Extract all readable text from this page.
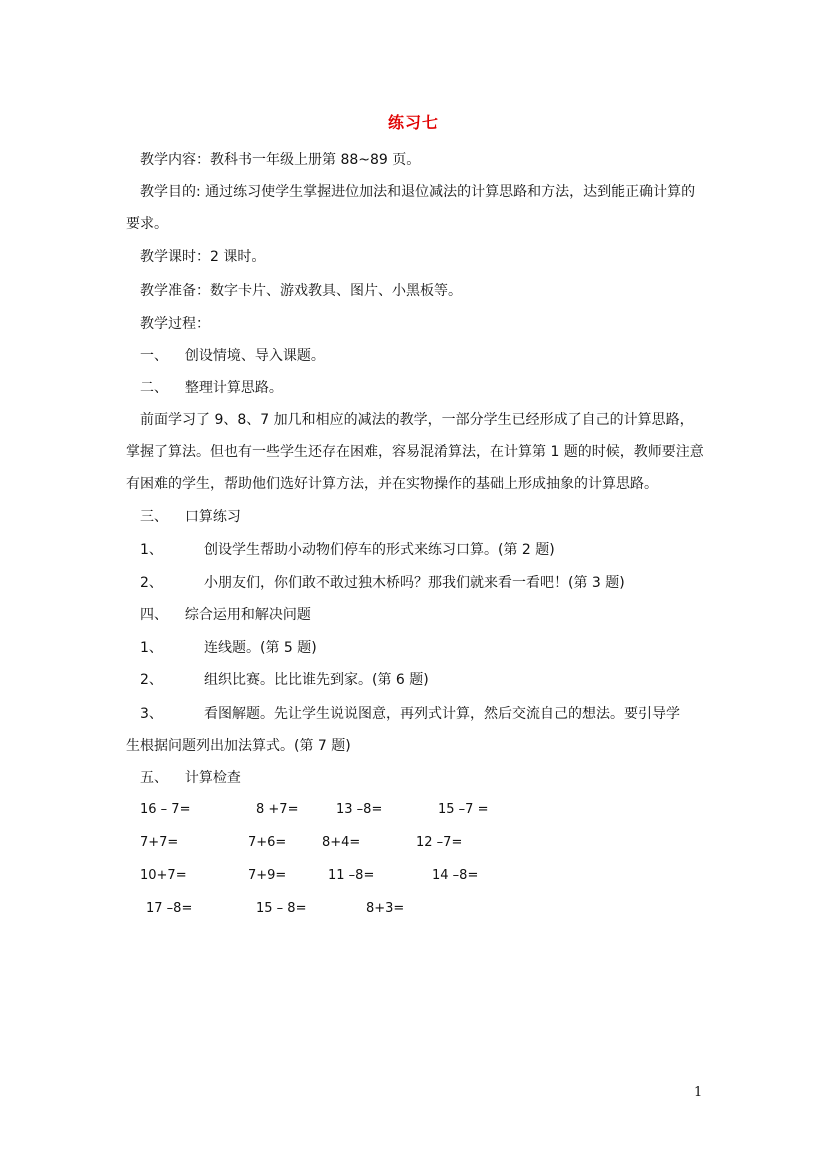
练习七
教学内容：教科书一年级上册第 88~89 页。
教学目的: 通过练习使学生掌握进位加法和退位减法的计算思路和方法，达到能正确计算的要求。
教学课时：2 课时。
教学准备：数字卡片、游戏教具、图片、小黑板等。
教学过程：
一、 创设情境、导入课题。
二、 整理计算思路。
前面学习了 9、8、7 加几和相应的减法的教学，一部分学生已经形成了自己的计算思路，掌握了算法。但也有一些学生还存在困难，容易混淆算法，在计算第 1 题的时候，教师要注意有困难的学生，帮助他们选好计算方法，并在实物操作的基础上形成抽象的计算思路。
三、 口算练习
1、	创设学生帮助小动物们停车的形式来练习口算。(第 2 题)
2、	小朋友们，你们敢不敢过独木桥吗？那我们就来看一看吧！(第 3 题)
四、 综合运用和解决问题
1、	连线题。(第 5 题)
2、	组织比赛。比比谁先到家。(第 6 题)
3、	看图解题。先让学生说说图意，再列式计算，然后交流自己的想法。要引导学
生根据问题列出加法算式。(第 7 题)
五、 计算检查
16 – 7=	8 +7=	13 –8=	15 –7 =
7+7=	7+6=	8+4=	12 –7=
10+7=	7+9=	11 –8=	14 –8=
17 –8=	15 – 8=	8+3=
1
